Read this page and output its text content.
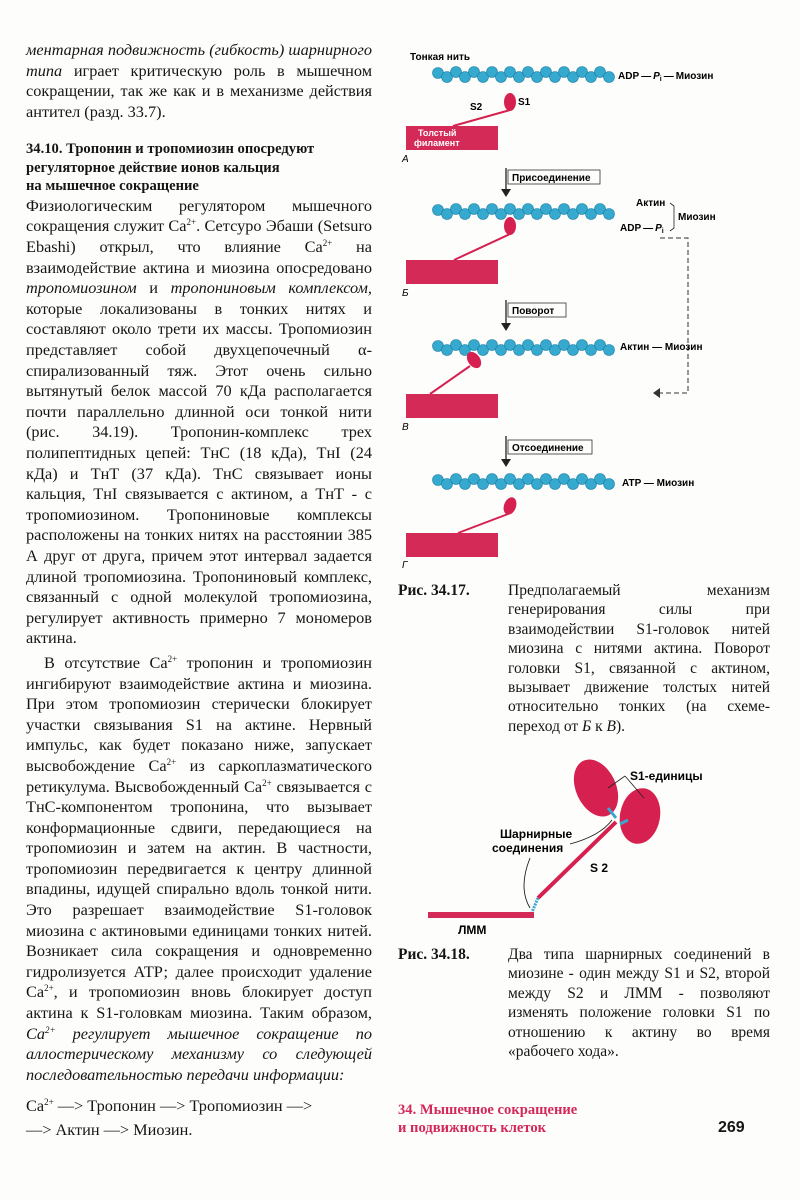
ментарная подвижность (гибкость) шарнирного типа играет критическую роль в мышечном сокращении, так же как и в механизме действия антител (разд. 33.7).

34.10. Тропонин и тропомиозин опосредуют регуляторное действие ионов кальция
на мышечное сокращение

Физиологическим регулятором мышечного сокращения служит $Ca^{2+}$. Сетсуро Эбаши (Setsuro Ebashi) открыл, что влияние $Ca^{2+}$ на взаимодействие актина и миозина опосредовано тропомиозином и тропониновым комплексом, которые локализованы в тонких нитях и составляют около трети их массы. Тропомиозин представляет собой двухцепочечный α-спирализованный тяж. Этот очень сильно вытянутый белок массой 70 кДа располагается почти параллельно длинной оси тонкой нити (рис. 34.19). Тропонин-комплекс трех полипептидных цепей: ТнС (18 кДа), ТнI (24 кДа) и ТнТ (37 кДа). ТнС связывает ионы кальция, ТнI связывается с актином, а ТнТ - с тропомиозином. Тропониновые комплексы расположены на тонких нитях на расстоянии 385 А друг от друга, причем этот интервал задается длиной тропомиозина. Тропониновый комплекс, связанный с одной молекулой тропомиозина, регулирует активность примерно 7 мономеров актина.

В отсутствие $Ca^{2+}$ тропонин и тропомиозин ингибируют взаимодействие актина и миозина. При этом тропомиозин стерически блокирует участки связывания S1 на актине. Нервный импульс, как будет показано ниже, запускает высвобождение $Ca^{2+}$ из саркоплазматического ретикулума. Высвобожденный $Ca^{2+}$ связывается с ТнС-компонентом тропонина, что вызывает конформационные сдвиги, передающиеся на тропомиозин и затем на актин. В частности, тропомиозин передвигается к центру длинной впадины, идущей спирально вдоль тонкой нити. Это разрешает взаимодействие S1-головок миозина с актиновыми единицами тонких нитей. Возникает сила сокращения и одновременно гидролизуется АТР; далее происходит удаление $Ca^{2+}$, и тропомиозин вновь блокирует доступ актина к S1-головкам миозина. Таким образом, $Ca^{2+}$ регулирует мышечное сокращение по аллостерическому механизму со следующей последовательностью передачи информации:

$Ca^{2+}$ —> Тропонин —> Тропомиозин —>
—> Актин —> Миозин.
Тонкая нить
ADP — $P_i$ — Миозин
S2	S1
Толстый
филамент
А
Присоединение
Актин
ADP — $P_i$
Миозин
Б
Поворот
Актин — Миозин
В
Отсоединение
ATP — Миозин
Г
Рис. 34.17. Предполагаемый механизм генерирования силы при взаимодействии S1-головок нитей миозина с нитями актина. Поворот головки S1, связанной с актином, вызывает движение толстых нитей относительно тонких (на схеме-переход от Б к В).
S1-единицы
Шарнирные
соединения
S 2
ЛММ
Рис. 34.18. Два типа шарнирных соединений в миозине - один между S1 и S2, второй между S2 и ЛММ - позволяют изменять положение головки S1 по отношению к актину во время «рабочего хода».
34. Мышечное сокращение
и подвижность клеток	269
